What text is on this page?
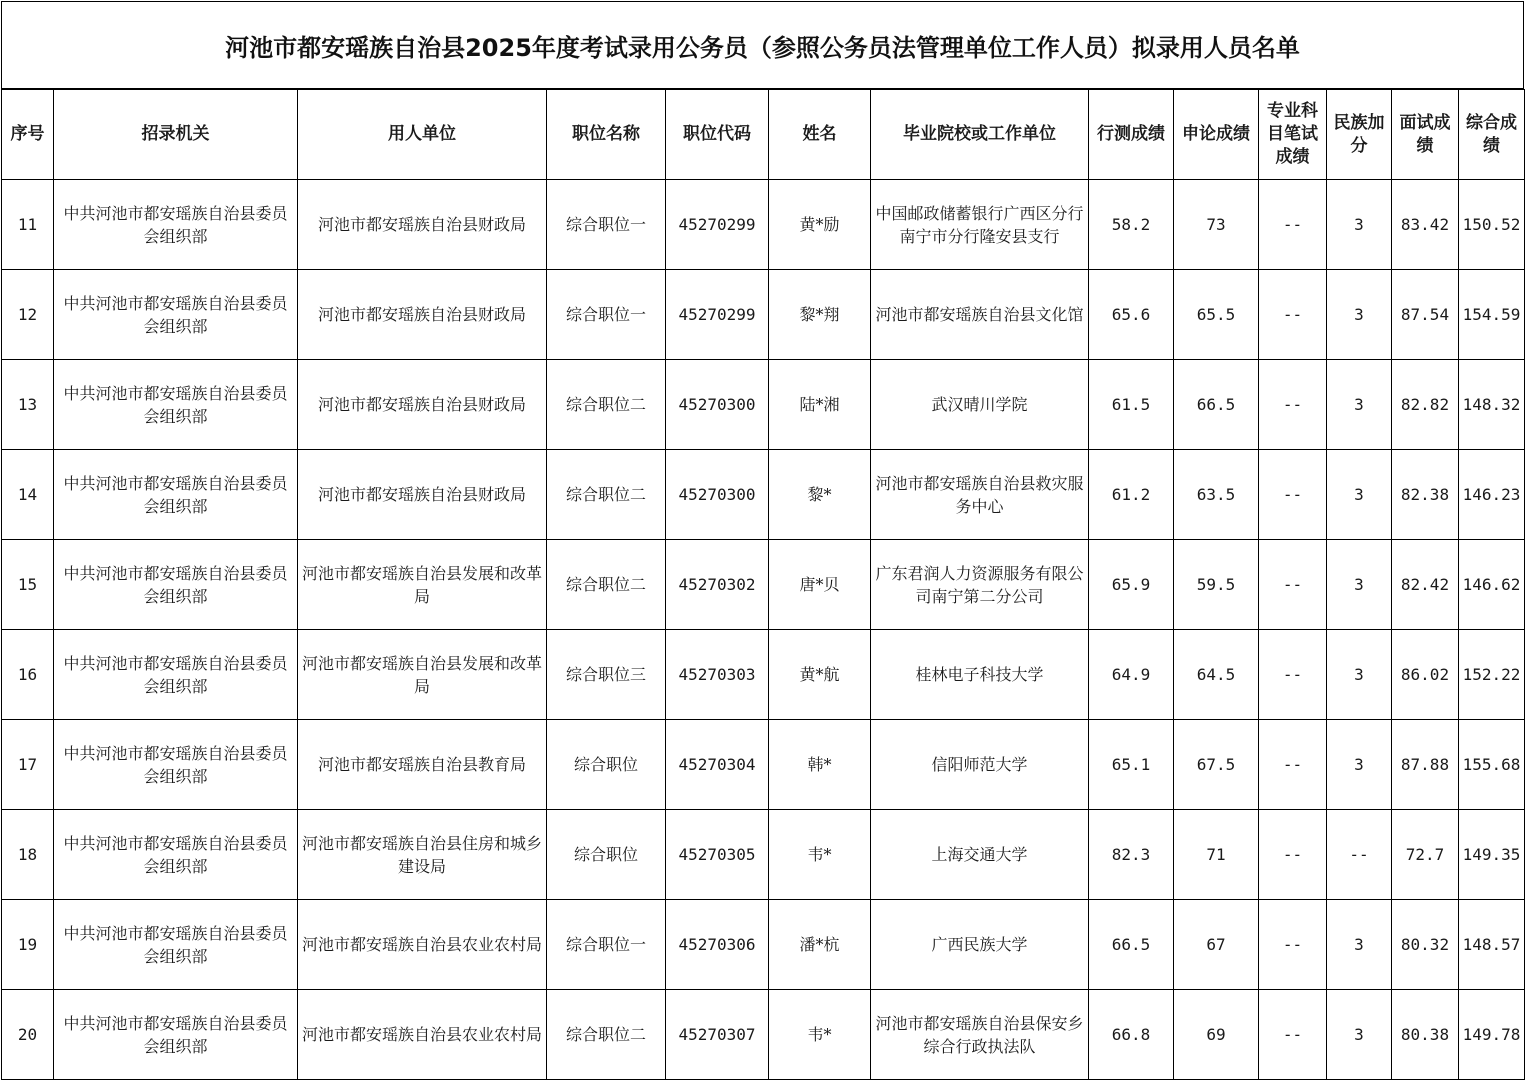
河池市都安瑶族自治县2025年度考试录用公务员（参照公务员法管理单位工作人员）拟录用人员名单
序号	招录机关	用人单位	职位名称	职位代码	姓名	毕业院校或工作单位	行测成绩	申论成绩	专业科目笔试成绩	民族加分	面试成绩	综合成绩
11	中共河池市都安瑶族自治县委员会组织部	河池市都安瑶族自治县财政局	综合职位一	45270299	黄*励	中国邮政储蓄银行广西区分行南宁市分行隆安县支行	58.2	73	--	3	83.42	150.52
12	中共河池市都安瑶族自治县委员会组织部	河池市都安瑶族自治县财政局	综合职位一	45270299	黎*翔	河池市都安瑶族自治县文化馆	65.6	65.5	--	3	87.54	154.59
13	中共河池市都安瑶族自治县委员会组织部	河池市都安瑶族自治县财政局	综合职位二	45270300	陆*湘	武汉晴川学院	61.5	66.5	--	3	82.82	148.32
14	中共河池市都安瑶族自治县委员会组织部	河池市都安瑶族自治县财政局	综合职位二	45270300	黎*	河池市都安瑶族自治县救灾服务中心	61.2	63.5	--	3	82.38	146.23
15	中共河池市都安瑶族自治县委员会组织部	河池市都安瑶族自治县发展和改革局	综合职位二	45270302	唐*贝	广东君润人力资源服务有限公司南宁第二分公司	65.9	59.5	--	3	82.42	146.62
16	中共河池市都安瑶族自治县委员会组织部	河池市都安瑶族自治县发展和改革局	综合职位三	45270303	黄*航	桂林电子科技大学	64.9	64.5	--	3	86.02	152.22
17	中共河池市都安瑶族自治县委员会组织部	河池市都安瑶族自治县教育局	综合职位	45270304	韩*	信阳师范大学	65.1	67.5	--	3	87.88	155.68
18	中共河池市都安瑶族自治县委员会组织部	河池市都安瑶族自治县住房和城乡建设局	综合职位	45270305	韦*	上海交通大学	82.3	71	--	--	72.7	149.35
19	中共河池市都安瑶族自治县委员会组织部	河池市都安瑶族自治县农业农村局	综合职位一	45270306	潘*杭	广西民族大学	66.5	67	--	3	80.32	148.57
20	中共河池市都安瑶族自治县委员会组织部	河池市都安瑶族自治县农业农村局	综合职位二	45270307	韦*	河池市都安瑶族自治县保安乡综合行政执法队	66.8	69	--	3	80.38	149.78
